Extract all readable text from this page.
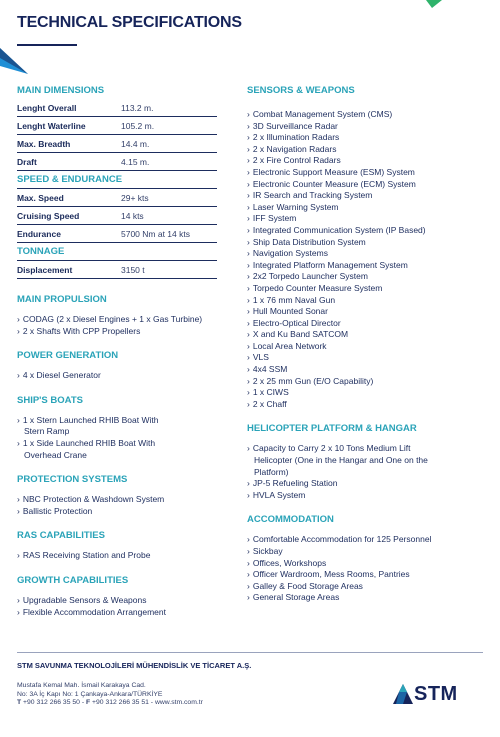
TECHNICAL SPECIFICATIONS
MAIN DIMENSIONS
Lenght Overall	113.2 m.
Lenght Waterline	105.2 m.
Max. Breadth	14.4 m.
Draft	4.15 m.
SPEED & ENDURANCE
Max. Speed	29+ kts
Cruising Speed	14 kts
Endurance	5700 Nm at 14 kts
TONNAGE
Displacement	3150 t
MAIN PROPULSION
› CODAG (2 x Diesel Engines + 1 x Gas Turbine)
› 2 x Shafts With CPP Propellers
POWER GENERATION
› 4 x Diesel Generator
SHIP'S BOATS
› 1 x Stern Launched RHIB Boat With Stern Ramp
› 1 x Side Launched RHIB Boat With Overhead Crane
PROTECTION SYSTEMS
› NBC Protection & Washdown System
› Ballistic Protection
RAS CAPABILITIES
› RAS Receiving Station and Probe
GROWTH CAPABILITIES
› Upgradable Sensors & Weapons
› Flexible Accommodation Arrangement
SENSORS & WEAPONS
› Combat Management System (CMS)
› 3D Surveillance Radar
› 2 x Illumination Radars
› 2 x Navigation Radars
› 2 x Fire Control Radars
› Electronic Support Measure (ESM) System
› Electronic Counter Measure (ECM) System
› IR Search and Tracking System
› Laser Warning System
› IFF System
› Integrated Communication System (IP Based)
› Ship Data Distribution System
› Navigation Systems
› Integrated Platform Management System
› 2x2 Torpedo Launcher System
› Torpedo Counter Measure System
› 1 x 76 mm Naval Gun
› Hull Mounted Sonar
› Electro-Optical Director
› X and Ku Band SATCOM
› Local Area Network
› VLS
› 4x4 SSM
› 2 x 25 mm Gun (E/O Capability)
› 1 x CIWS
› 2 x Chaff
HELICOPTER PLATFORM & HANGAR
› Capacity to Carry 2 x 10 Tons Medium Lift Helicopter (One in the Hangar and One on the Platform)
› JP-5 Refueling Station
› HVLA System
ACCOMMODATION
› Comfortable Accommodation for 125 Personnel
› Sickbay
› Offices, Workshops
› Officer Wardroom, Mess Rooms, Pantries
› Galley & Food Storage Areas
› General Storage Areas
STM SAVUNMA TEKNOLOJİLERİ MÜHENDİSLİK VE TİCARET A.Ş.
Mustafa Kemal Mah. İsmail Karakaya Cad.
No: 3A İç Kapı No: 1 Çankaya-Ankara/TÜRKİYE
T +90 312 266 35 50 - F +90 312 266 35 51 - www.stm.com.tr	STM
